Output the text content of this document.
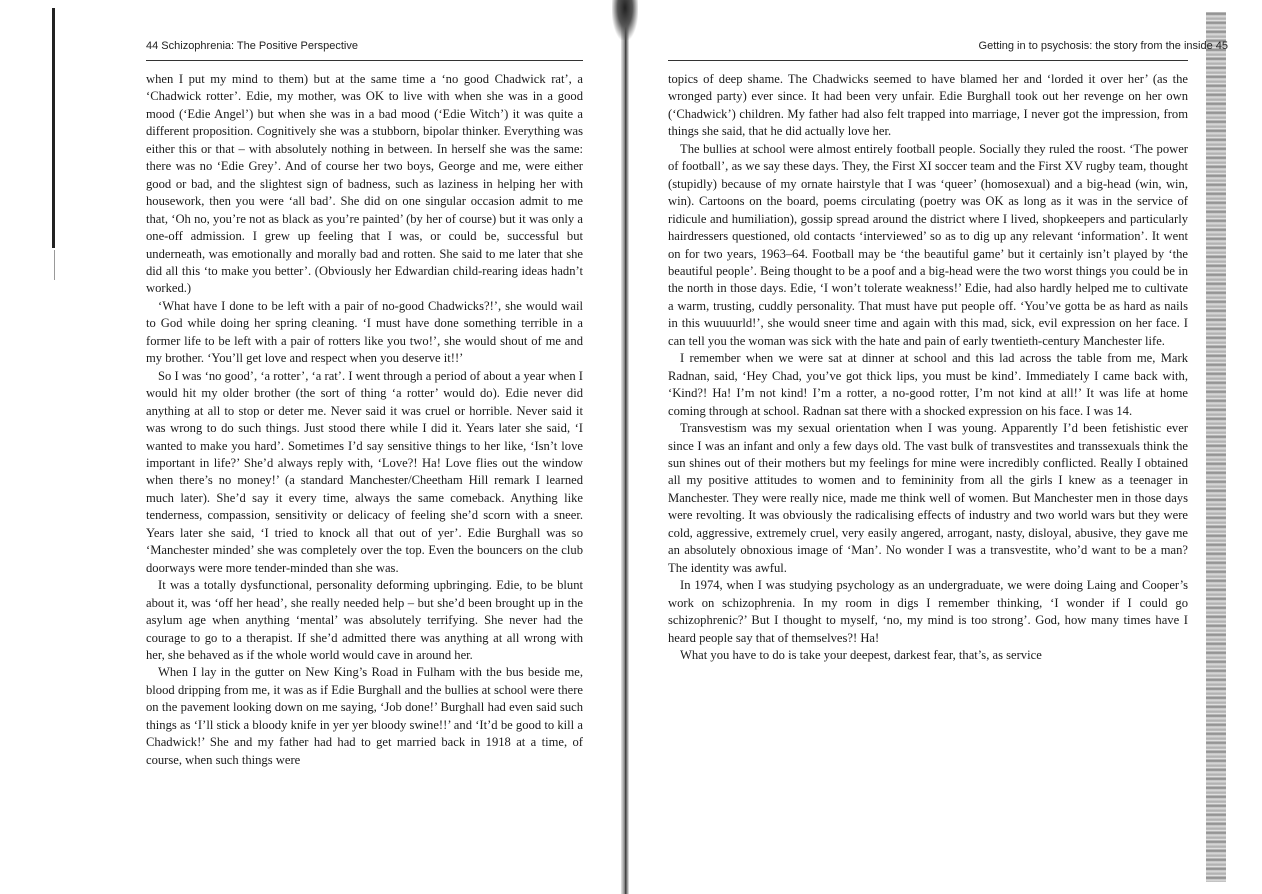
44 Schizophrenia: The Positive Perspective

when I put my mind to them) but at the same time a ‘no good Chadwick rat’, a ‘Chadwick rotter’. Edie, my mother, was OK to live with when she was in a good mood (‘Edie Angel’) but when she was in a bad mood (‘Edie Witch’) it was quite a different proposition. Cognitively she was a stubborn, bipolar thinker. Everything was either this or that – with absolutely nothing in between. In herself she was the same: there was no ‘Edie Grey’. And of course her two boys, George and me, were either good or bad, and the slightest sign of badness, such as laziness in helping her with housework, then you were ‘all bad’. She did on one singular occasion admit to me that, ‘Oh no, you’re not as black as you’re painted’ (by her of course) but it was only a one-off admission. I grew up feeling that I was, or could be, successful but underneath, was emotionally and morally bad and rotten. She said to me later that she did all this ‘to make you better’. (Obviously her Edwardian child-rearing ideas hadn’t worked.)

‘What have I done to be left with a pair of no-good Chadwicks?!’, she would wail to God while doing her spring cleaning. ‘I must have done something terrible in a former life to be left with a pair of rotters like you two!’, she would shout of me and my brother. ‘You’ll get love and respect when you deserve it!!’

So I was ‘no good’, ‘a rotter’, ‘a rat’. I went through a period of about a year when I would hit my older brother (the sort of thing ‘a rotter’ would do). Edie never did anything at all to stop or deter me. Never said it was cruel or horrible. Never said it was wrong to do such things. Just stood there while I did it. Years later she said, ‘I wanted to make you hard’. Sometimes I’d say sensitive things to her like, ‘Isn’t love important in life?’ She’d always reply with, ‘Love?! Ha! Love flies out the window when there’s no money!’ (a standard Manchester/Cheetham Hill remark I learned much later). She’d say it every time, always the same comeback. Anything like tenderness, compassion, sensitivity or delicacy of feeling she’d scorn with a sneer. Years later she said, ‘I tried to knock all that out of yer’. Edie Burghall was so ‘Manchester minded’ she was completely over the top. Even the bouncers on the club doorways were more tender-minded than she was.

It was a totally dysfunctional, personality deforming upbringing. Edie, to be blunt about it, was ‘off her head’, she really needed help – but she’d been brought up in the asylum age when anything ‘mental’ was absolutely terrifying. She never had the courage to go to a therapist. If she’d admitted there was anything at all wrong with her, she behaved as if the whole world would cave in around her.

When I lay in the gutter on New King’s Road in Fulham with the bus beside me, blood dripping from me, it was as if Edie Burghall and the bullies at school were there on the pavement looking down on me saying, ‘Job done!’ Burghall had even said such things as ‘I’ll stick a bloody knife in yer yer bloody swine!!’ and ‘It’d be good to kill a Chadwick!’ She and my father had had to get married back in 1918 at a time, of course, when such things were

Getting in to psychosis: the story from the inside 45

topics of deep shame. The Chadwicks seemed to have blamed her and ‘lorded it over her’ (as the wronged party) ever since. It had been very unfair. Edie Burghall took out her revenge on her own (‘Chadwick’) children. My father had also felt trapped into marriage, I never got the impression, from things she said, that he did actually love her.

The bullies at school were almost entirely football people. Socially they ruled the roost. ‘The power of football’, as we say these days. They, the First XI soccer team and the First XV rugby team, thought (stupidly) because of my ornate hairstyle that I was ‘queer’ (homosexual) and a big-head (win, win, win). Cartoons on the board, poems circulating (poetry was OK as long as it was in the service of ridicule and humiliation), gossip spread around the district where I lived, shopkeepers and particularly hairdressers questioned, old contacts ‘interviewed’ so as to dig up any relevant ‘information’. It went on for two years, 1963–64. Football may be ‘the beautiful game’ but it certainly isn’t played by ‘the beautiful people’. Being thought to be a poof and a big-head were the two worst things you could be in the north in those days. Edie, ‘I won’t tolerate weakness!’ Edie, had also hardly helped me to cultivate a warm, trusting, cuddly personality. That must have put people off. ‘You’ve gotta be as hard as nails in this wuuuurld!’, she would sneer time and again with this mad, sick, evil expression on her face. I can tell you the woman was sick with the hate and pain of early twentieth-century Manchester life.

I remember when we were sat at dinner at school and this lad across the table from me, Mark Radnan, said, ‘Hey Chad, you’ve got thick lips, you must be kind’. Immediately I came back with, ‘Kind?! Ha! I’m not kind! I’m a rotter, a no-good rotter, I’m not kind at all!’ It was life at home coming through at school. Radnan sat there with a shocked expression on his face. I was 14.

Transvestism was my sexual orientation when I was young. Apparently I’d been fetishistic ever since I was an infant and only a few days old. The vast bulk of transvestites and transsexuals think the sun shines out of their mothers but my feelings for mine were incredibly conflicted. Really I obtained all my positive attitudes to women and to femininity from all the girls I knew as a teenager in Manchester. They were really nice, made me think well of women. But Manchester men in those days were revolting. It was obviously the radicalising effects of industry and two world wars but they were cold, aggressive, extremely cruel, very easily angered, arrogant, nasty, disloyal, abusive, they gave me an absolutely obnoxious image of ‘Man’. No wonder I was a transvestite, who’d want to be a man? The identity was awful.

In 1974, when I was studying psychology as an undergraduate, we were doing Laing and Cooper’s work on schizophrenia. In my room in digs I remember thinking, ‘I wonder if I could go schizophrenic?’ But I thought to myself, ‘no, my mind is too strong’. God, how many times have I heard people say that of themselves?! Ha!

What you have to do is take your deepest, darkest fear, that’s, as service
